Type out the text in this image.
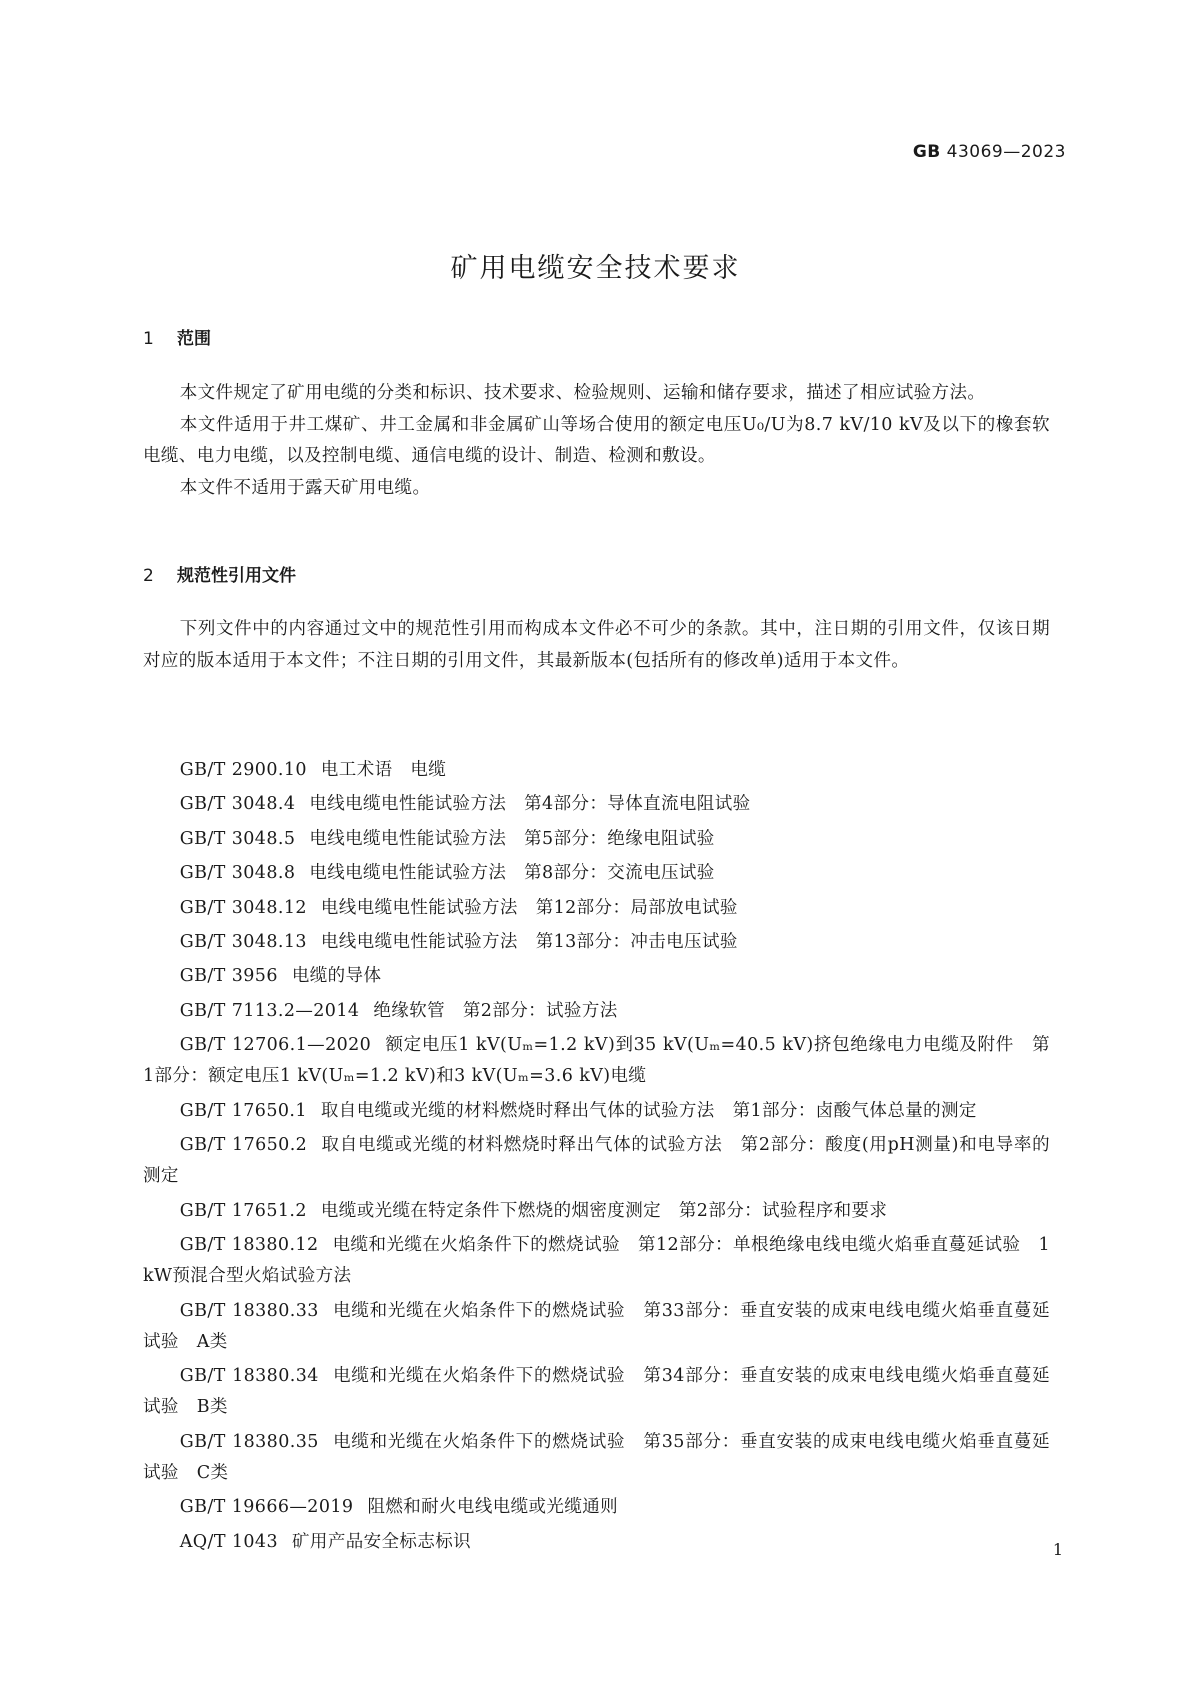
GB 43069—2023
矿用电缆安全技术要求
1 范围

本文件规定了矿用电缆的分类和标识、技术要求、检验规则、运输和储存要求，描述了相应试验方法。

本文件适用于井工煤矿、井工金属和非金属矿山等场合使用的额定电压U₀/U为8.7 kV/10 kV及以下的橡套软电缆、电力电缆，以及控制电缆、通信电缆的设计、制造、检测和敷设。

本文件不适用于露天矿用电缆。

2 规范性引用文件

下列文件中的内容通过文中的规范性引用而构成本文件必不可少的条款。其中，注日期的引用文件，仅该日期对应的版本适用于本文件；不注日期的引用文件，其最新版本(包括所有的修改单)适用于本文件。

GB/T 2900.10 电工术语　电缆
GB/T 3048.4 电线电缆电性能试验方法　第4部分：导体直流电阻试验
GB/T 3048.5 电线电缆电性能试验方法　第5部分：绝缘电阻试验
GB/T 3048.8 电线电缆电性能试验方法　第8部分：交流电压试验
GB/T 3048.12 电线电缆电性能试验方法　第12部分：局部放电试验
GB/T 3048.13 电线电缆电性能试验方法　第13部分：冲击电压试验
GB/T 3956 电缆的导体
GB/T 7113.2—2014 绝缘软管　第2部分：试验方法
GB/T 12706.1—2020 额定电压1 kV(Uₘ=1.2 kV)到35 kV(Uₘ=40.5 kV)挤包绝缘电力电缆及附件　第1部分：额定电压1 kV(Uₘ=1.2 kV)和3 kV(Uₘ=3.6 kV)电缆
GB/T 17650.1 取自电缆或光缆的材料燃烧时释出气体的试验方法　第1部分：卤酸气体总量的测定
GB/T 17650.2 取自电缆或光缆的材料燃烧时释出气体的试验方法　第2部分：酸度(用pH测量)和电导率的测定
GB/T 17651.2 电缆或光缆在特定条件下燃烧的烟密度测定　第2部分：试验程序和要求
GB/T 18380.12 电缆和光缆在火焰条件下的燃烧试验　第12部分：单根绝缘电线电缆火焰垂直蔓延试验　1 kW预混合型火焰试验方法
GB/T 18380.33 电缆和光缆在火焰条件下的燃烧试验　第33部分：垂直安装的成束电线电缆火焰垂直蔓延试验　A类
GB/T 18380.34 电缆和光缆在火焰条件下的燃烧试验　第34部分：垂直安装的成束电线电缆火焰垂直蔓延试验　B类
GB/T 18380.35 电缆和光缆在火焰条件下的燃烧试验　第35部分：垂直安装的成束电线电缆火焰垂直蔓延试验　C类
GB/T 19666—2019 阻燃和耐火电线电缆或光缆通则
AQ/T 1043 矿用产品安全标志标识	1
